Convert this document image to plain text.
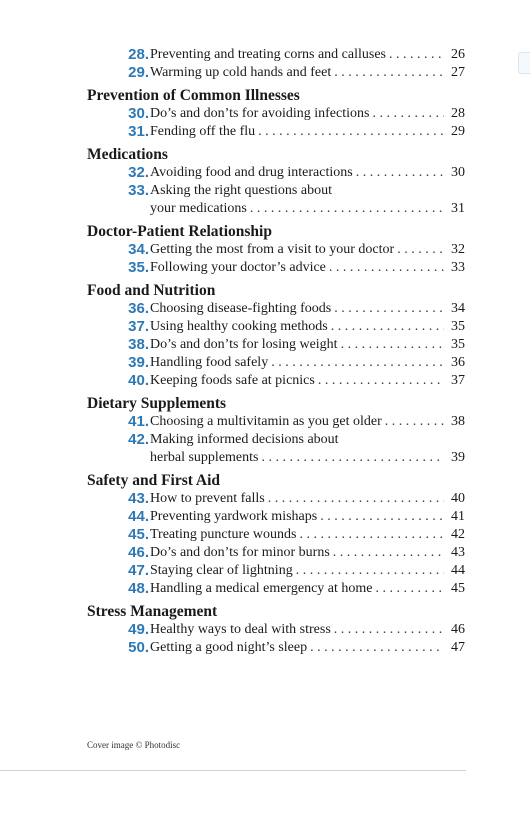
28. Preventing and treating corns and calluses . . .	26
29. Warming up cold hands and feet . . .	27
Prevention of Common Illnesses
30. Do’s and don’ts for avoiding infections . . .	28
31. Fending off the flu . . .	29
Medications
32. Avoiding food and drug interactions . . .	30
33. Asking the right questions about
your medications . . .	31
Doctor-Patient Relationship
34. Getting the most from a visit to your doctor . . .	32
35. Following your doctor’s advice . . .	33
Food and Nutrition
36. Choosing disease-fighting foods . . .	34
37. Using healthy cooking methods . . .	35
38. Do’s and don’ts for losing weight . . .	35
39. Handling food safely . . .	36
40. Keeping foods safe at picnics . . .	37
Dietary Supplements
41. Choosing a multivitamin as you get older . . .	38
42. Making informed decisions about
herbal supplements . . .	39
Safety and First Aid
43. How to prevent falls . . .	40
44. Preventing yardwork mishaps . . .	41
45. Treating puncture wounds . . .	42
46. Do’s and don’ts for minor burns . . .	43
47. Staying clear of lightning . . .	44
48. Handling a medical emergency at home . . .	45
Stress Management
49. Healthy ways to deal with stress . . .	46
50. Getting a good night’s sleep . . .	47
Cover image © Photodisc
